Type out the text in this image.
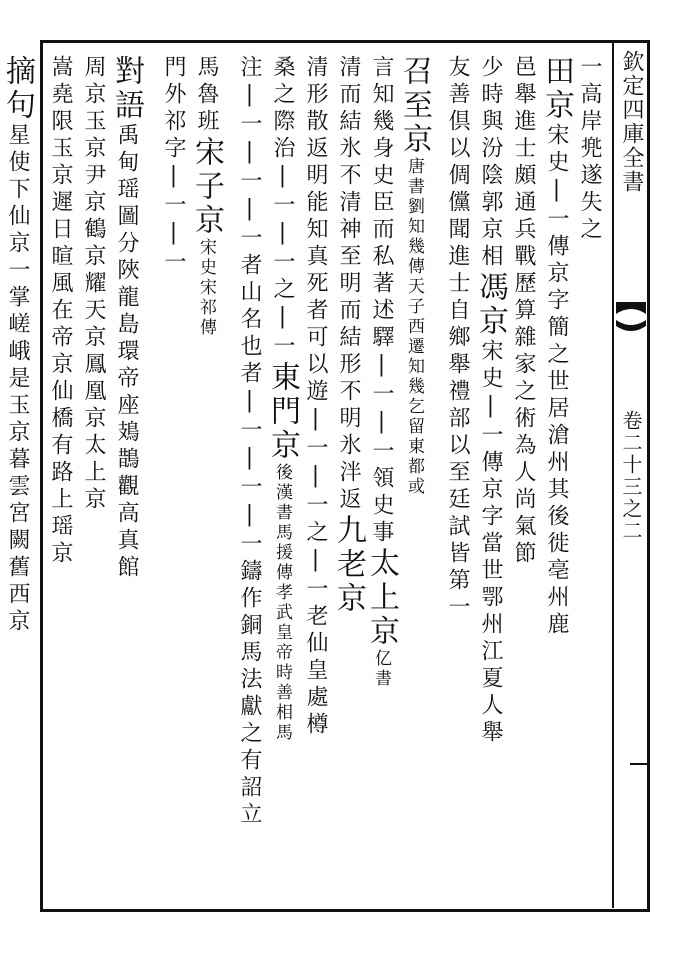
欽定四庫全書
卷二十三之二
一高岸兠遂失之
田京宋史|一傳京字簡之世居滄州其後徙亳州鹿
邑舉進士頗通兵戰歷算雜家之術為人尚氣節
少時與汾陰郭京相馮京宋史|一傳京字當世鄂州江夏人舉
友善倶以倜儻聞進士自鄉舉禮部以至廷試皆第一
召至京唐書劉知幾傳天子西遷知幾乞留東都或
言知幾身史臣而私著述驛|一|一領史事太上京亿書
清而結氷不清神至明而結形不明氷泮返九老京
清形散返明能知真死者可以遊|一|一之|一老仙皇處樽
桑之際治|一|一之|一東門京後漢書馬援傳孝武皇帝時善相馬
注|一|一|一者山名也者|一|一|一鑄作銅馬法獻之有詔立
馬魯班宋子京宋史宋祁傳
門外祁字|一|一
對語禹甸瑶圖分陜龍島環帝座鳷鵲觀高真館
周京玉京尹京鶴京耀天京鳳凰京太上京
嵩堯限玉京遲日暄風在帝京仙橋有路上瑶京
摘句星使下仙京一掌嵯峨是玉京暮雲宮闕舊西京
